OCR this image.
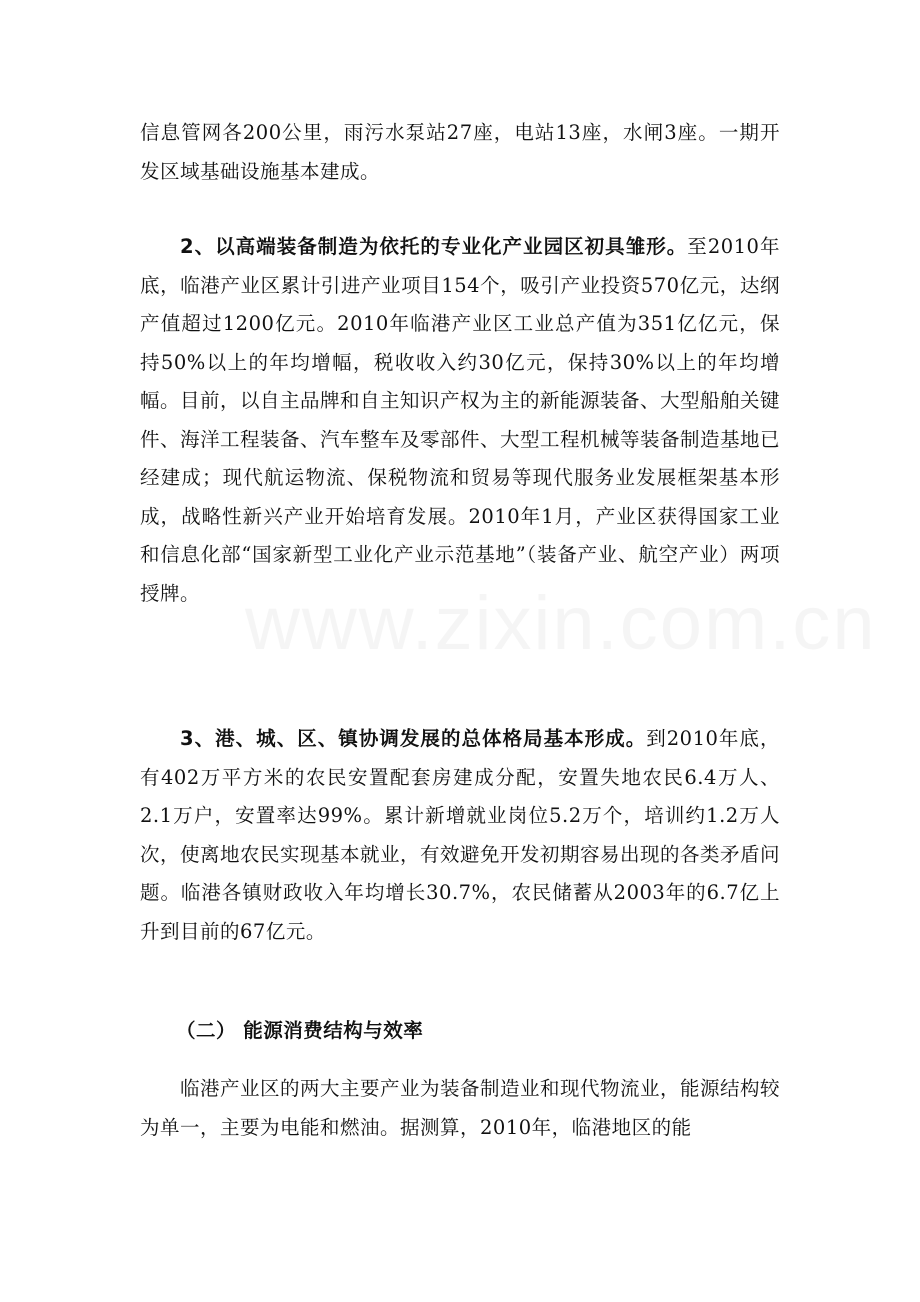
www.zixin.com.cn

信息管网各200公里，雨污水泵站27座，电站13座，水闸3座。一期开发区域基础设施基本建成。

2、以高端装备制造为依托的专业化产业园区初具雏形。至2010年底，临港产业区累计引进产业项目154个，吸引产业投资570亿元，达纲产值超过1200亿元。2010年临港产业区工业总产值为351亿亿元，保持50%以上的年均增幅，税收收入约30亿元，保持30%以上的年均增幅。目前，以自主品牌和自主知识产权为主的新能源装备、大型船舶关键件、海洋工程装备、汽车整车及零部件、大型工程机械等装备制造基地已经建成；现代航运物流、保税物流和贸易等现代服务业发展框架基本形成，战略性新兴产业开始培育发展。2010年1月，产业区获得国家工业和信息化部“国家新型工业化产业示范基地”（装备产业、航空产业）两项授牌。

3、港、城、区、镇协调发展的总体格局基本形成。到2010年底，有402万平方米的农民安置配套房建成分配，安置失地农民6.4万人、2.1万户，安置率达99%。累计新增就业岗位5.2万个，培训约1.2万人次，使离地农民实现基本就业，有效避免开发初期容易出现的各类矛盾问题。临港各镇财政收入年均增长30.7%，农民储蓄从2003年的6.7亿上升到目前的67亿元。

（二） 能源消费结构与效率

临港产业区的两大主要产业为装备制造业和现代物流业，能源结构较为单一，主要为电能和燃油。据测算，2010年，临港地区的能
